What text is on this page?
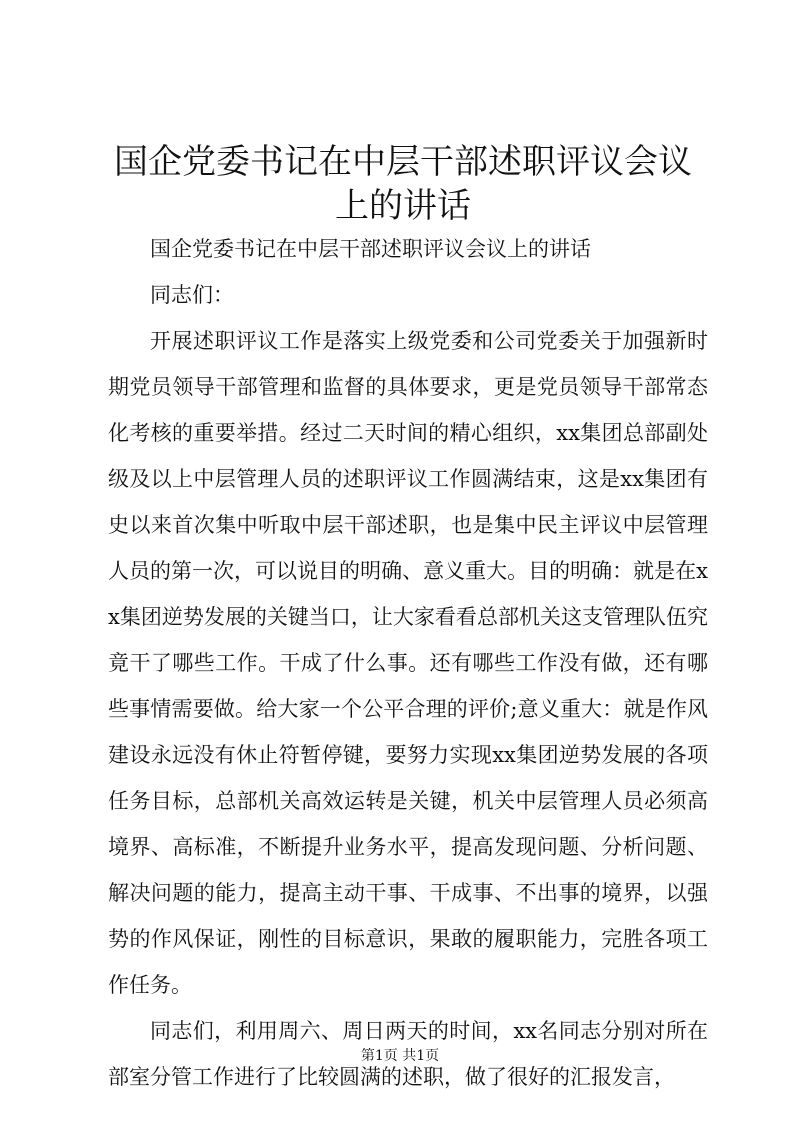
国企党委书记在中层干部述职评议会议上的讲话

国企党委书记在中层干部述职评议会议上的讲话

同志们：

开展述职评议工作是落实上级党委和公司党委关于加强新时期党员领导干部管理和监督的具体要求，更是党员领导干部常态化考核的重要举措。经过二天时间的精心组织，xx集团总部副处级及以上中层管理人员的述职评议工作圆满结束，这是xx集团有史以来首次集中听取中层干部述职，也是集中民主评议中层管理人员的第一次，可以说目的明确、意义重大。目的明确：就是在xx集团逆势发展的关键当口，让大家看看总部机关这支管理队伍究竟干了哪些工作。干成了什么事。还有哪些工作没有做，还有哪些事情需要做。给大家一个公平合理的评价;意义重大：就是作风建设永远没有休止符暂停键，要努力实现xx集团逆势发展的各项任务目标，总部机关高效运转是关键，机关中层管理人员必须高境界、高标准，不断提升业务水平，提高发现问题、分析问题、解决问题的能力，提高主动干事、干成事、不出事的境界，以强势的作风保证，刚性的目标意识，果敢的履职能力，完胜各项工作任务。

同志们，利用周六、周日两天的时间，xx名同志分别对所在部室分管工作进行了比较圆满的述职，做了很好的汇报发言，

第1页 共1页
